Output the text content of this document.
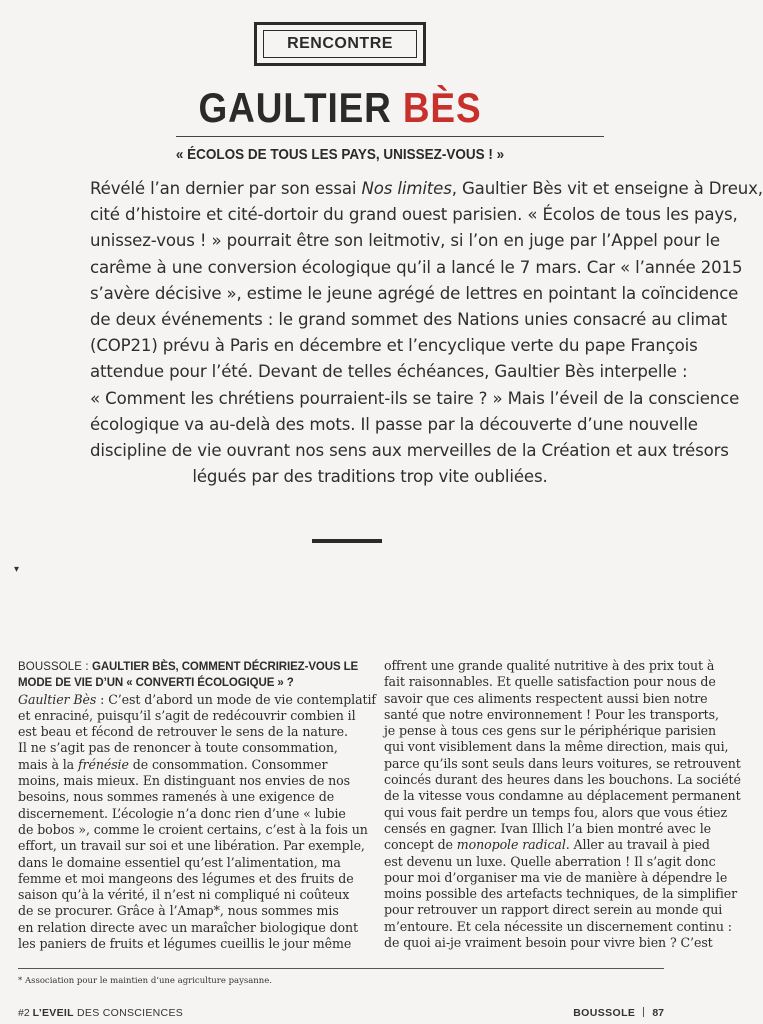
RENCONTRE
GAULTIER BÈS
« ÉCOLOS DE TOUS LES PAYS, UNISSEZ-VOUS ! »
Révélé l’an dernier par son essai Nos limites, Gaultier Bès vit et enseigne à Dreux,
cité d’histoire et cité-dortoir du grand ouest parisien. « Écolos de tous les pays,
unissez-vous ! » pourrait être son leitmotiv, si l’on en juge par l’Appel pour le
carême à une conversion écologique qu’il a lancé le 7 mars. Car « l’année 2015
s’avère décisive », estime le jeune agrégé de lettres en pointant la coïncidence
de deux événements : le grand sommet des Nations unies consacré au climat
(COP21) prévu à Paris en décembre et l’encyclique verte du pape François
attendue pour l’été. Devant de telles échéances, Gaultier Bès interpelle :
« Comment les chrétiens pourraient-ils se taire ? » Mais l’éveil de la conscience
écologique va au-delà des mots. Il passe par la découverte d’une nouvelle
discipline de vie ouvrant nos sens aux merveilles de la Création et aux trésors
légués par des traditions trop vite oubliées.
▾
BOUSSOLE : GAULTIER BÈS, COMMENT DÉCRIRIEZ-VOUS LE
MODE DE VIE D’UN « CONVERTI ÉCOLOGIQUE » ?
Gaultier Bès : C’est d’abord un mode de vie contemplatif
et enraciné, puisqu’il s’agit de redécouvrir combien il
est beau et fécond de retrouver le sens de la nature.
Il ne s’agit pas de renoncer à toute consommation,
mais à la frénésie de consommation. Consommer
moins, mais mieux. En distinguant nos envies de nos
besoins, nous sommes ramenés à une exigence de
discernement. L’écologie n’a donc rien d’une « lubie
de bobos », comme le croient certains, c’est à la fois un
effort, un travail sur soi et une libération. Par exemple,
dans le domaine essentiel qu’est l’alimentation, ma
femme et moi mangeons des légumes et des fruits de
saison qu’à la vérité, il n’est ni compliqué ni coûteux
de se procurer. Grâce à l’Amap*, nous sommes mis
en relation directe avec un maraîcher biologique dont
les paniers de fruits et légumes cueillis le jour même
offrent une grande qualité nutritive à des prix tout à
fait raisonnables. Et quelle satisfaction pour nous de
savoir que ces aliments respectent aussi bien notre
santé que notre environnement ! Pour les transports,
je pense à tous ces gens sur le périphérique parisien
qui vont visiblement dans la même direction, mais qui,
parce qu’ils sont seuls dans leurs voitures, se retrouvent
coincés durant des heures dans les bouchons. La société
de la vitesse vous condamne au déplacement permanent
qui vous fait perdre un temps fou, alors que vous étiez
censés en gagner. Ivan Illich l’a bien montré avec le
concept de monopole radical. Aller au travail à pied
est devenu un luxe. Quelle aberration ! Il s’agit donc
pour moi d’organiser ma vie de manière à dépendre le
moins possible des artefacts techniques, de la simplifier
pour retrouver un rapport direct serein au monde qui
m’entoure. Et cela nécessite un discernement continu :
de quoi ai-je vraiment besoin pour vivre bien ? C’est
* Association pour le maintien d’une agriculture paysanne.
#2 L’EVEIL DES CONSCIENCES	BOUSSOLE 87
